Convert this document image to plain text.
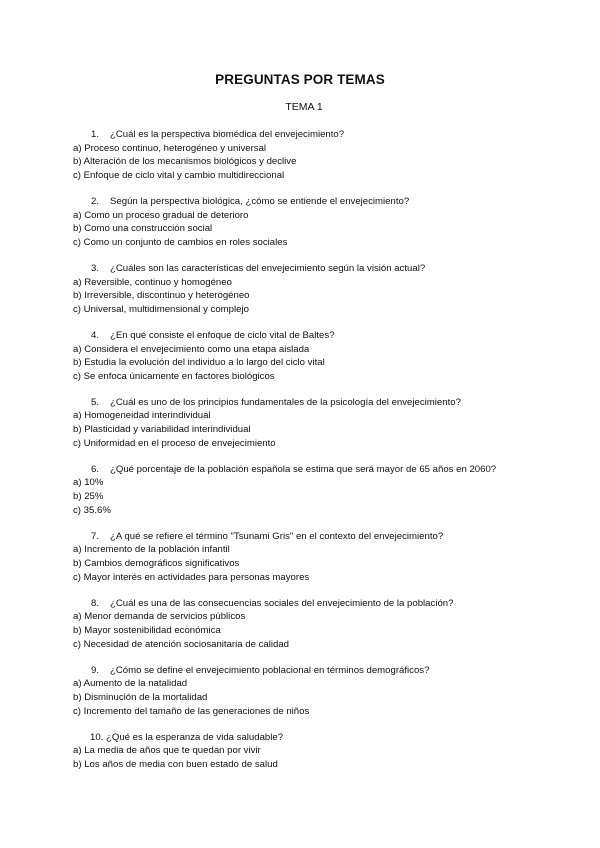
PREGUNTAS POR TEMAS
TEMA 1
1.	¿Cuál es la perspectiva biomédica del envejecimiento?
a) Proceso continuo, heterogéneo y universal
b) Alteración de los mecanismos biológicos y declive
c) Enfoque de ciclo vital y cambio multidireccional
2.	Según la perspectiva biológica, ¿cómo se entiende el envejecimiento?
a) Como un proceso gradual de deterioro
b) Como una construcción social
c) Como un conjunto de cambios en roles sociales
3.	¿Cuáles son las características del envejecimiento según la visión actual?
a) Reversible, continuo y homogéneo
b) Irreversible, discontinuo y heterogéneo
c) Universal, multidimensional y complejo
4.	¿En qué consiste el enfoque de ciclo vital de Baltes?
a) Considera el envejecimiento como una etapa aislada
b) Estudia la evolución del individuo a lo largo del ciclo vital
c) Se enfoca únicamente en factores biológicos
5.	¿Cuál es uno de los principios fundamentales de la psicología del envejecimiento?
a) Homogeneidad interindividual
b) Plasticidad y variabilidad interindividual
c) Uniformidad en el proceso de envejecimiento
6.	¿Qué porcentaje de la población española se estima que será mayor de 65 años en 2060?
a) 10%
b) 25%
c) 35.6%
7.	¿A qué se refiere el término "Tsunami Gris" en el contexto del envejecimiento?
a) Incremento de la población infantil
b) Cambios demográficos significativos
c) Mayor interés en actividades para personas mayores
8.	¿Cuál es una de las consecuencias sociales del envejecimiento de la población?
a) Menor demanda de servicios públicos
b) Mayor sostenibilidad económica
c) Necesidad de atención sociosanitaria de calidad
9.	¿Cómo se define el envejecimiento poblacional en términos demográficos?
a) Aumento de la natalidad
b) Disminución de la mortalidad
c) Incremento del tamaño de las generaciones de niños
10. ¿Qué es la esperanza de vida saludable?
a) La media de años que te quedan por vivir
b) Los años de media con buen estado de salud
